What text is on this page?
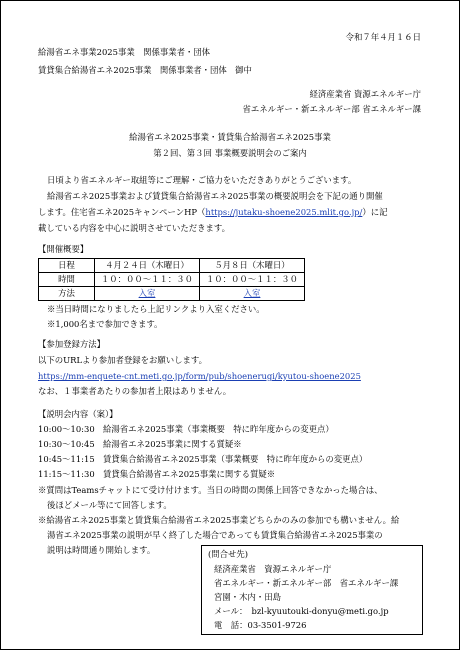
令和７年４月１６日
給湯省エネ事業2025事業　関係事業者・団体
賃貸集合給湯省エネ2025事業　関係事業者・団体　御中
経済産業省 資源エネルギー庁
省エネルギー・新エネルギー部 省エネルギー課
給湯省エネ2025事業・賃貸集合給湯省エネ2025事業
第２回、第３回 事業概要説明会のご案内
日頃より省エネルギー取組等にご理解・ご協力をいただきありがとうございます。
給湯省エネ2025事業および賃貸集合給湯省エネ2025事業の概要説明会を下記の通り開催
します。住宅省エネ2025キャンペーンHP（https://jutaku-shoene2025.mlit.go.jp/）に記
載している内容を中心に説明させていただきます。
【開催概要】
日程	４月２４日（木曜日）	５月８日（木曜日）
時間	１０：００～１１：３０	１０：００～１１：３０
方法	入室	入室
※当日時間になりましたら上記リンクより入室ください。
※1,000名まで参加できます。
【参加登録方法】
以下のURLより参加者登録をお願いします。
https://mm-enquete-cnt.meti.go.jp/form/pub/shoenerugi/kyutou-shoene2025
なお、１事業者あたりの参加者上限はありません。
【説明会内容（案）】
10:00～10:30　 給湯省エネ2025事業（事業概要　特に昨年度からの変更点）
10:30～10:45　 給湯省エネ2025事業に関する質疑※
10:45～11:15　 賃貸集合給湯省エネ2025事業（事業概要　特に昨年度からの変更点）
11:15～11:30　 賃貸集合給湯省エネ2025事業に関する質疑※
※質問はTeamsチャットにて受け付けます。当日の時間の関係上回答できなかった場合は、
後ほどメール等にて回答します。
※給湯省エネ2025事業と賃貸集合給湯省エネ2025事業どちらかのみの参加でも構いません。給
湯省エネ2025事業の説明が早く終了した場合であっても賃貸集合給湯省エネ2025事業の
説明は時間通り開始します。	(問合せ先)
経済産業省　資源エネルギー庁
省エネルギー・新エネルギー部　省エネルギー課
宮園・木内・田島
メール：　bzl-kyuutouki-donyu@meti.go.jp
電　話：03-3501-9726
